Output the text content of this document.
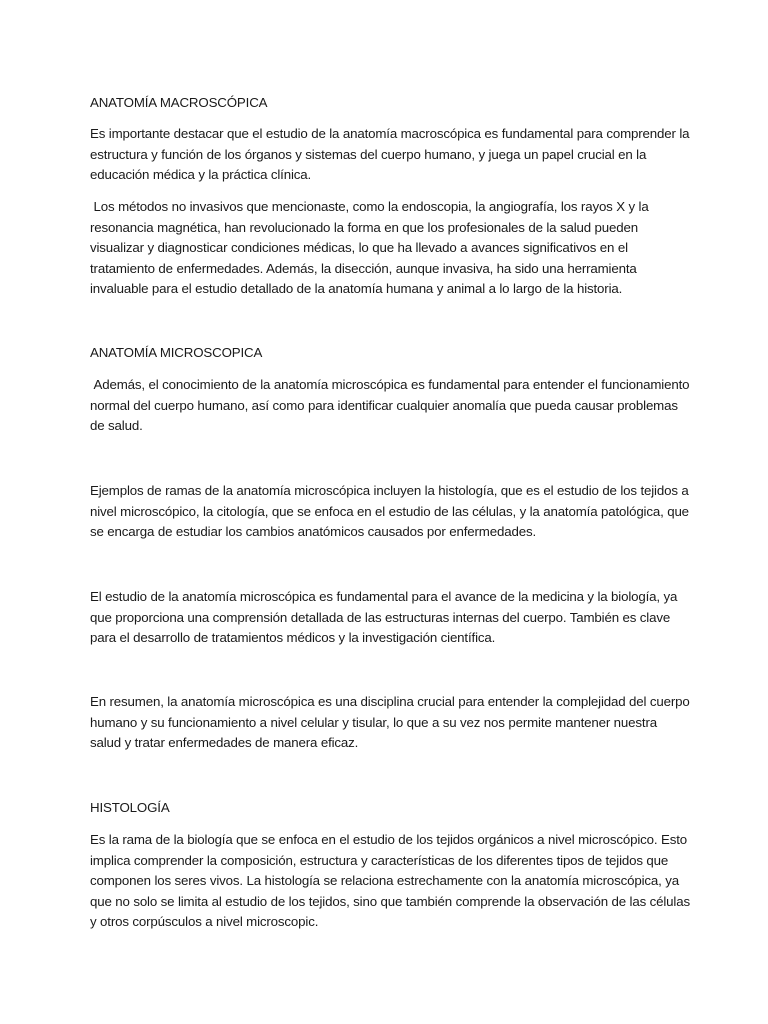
ANATOMÍA MACROSCÓPICA

Es importante destacar que el estudio de la anatomía macroscópica es fundamental para comprender la estructura y función de los órganos y sistemas del cuerpo humano, y juega un papel crucial en la educación médica y la práctica clínica.

Los métodos no invasivos que mencionaste, como la endoscopia, la angiografía, los rayos X y la resonancia magnética, han revolucionado la forma en que los profesionales de la salud pueden visualizar y diagnosticar condiciones médicas, lo que ha llevado a avances significativos en el tratamiento de enfermedades. Además, la disección, aunque invasiva, ha sido una herramienta invaluable para el estudio detallado de la anatomía humana y animal a lo largo de la historia.

ANATOMÍA MICROSCOPICA

Además, el conocimiento de la anatomía microscópica es fundamental para entender el funcionamiento normal del cuerpo humano, así como para identificar cualquier anomalía que pueda causar problemas de salud.

Ejemplos de ramas de la anatomía microscópica incluyen la histología, que es el estudio de los tejidos a nivel microscópico, la citología, que se enfoca en el estudio de las células, y la anatomía patológica, que se encarga de estudiar los cambios anatómicos causados por enfermedades.

El estudio de la anatomía microscópica es fundamental para el avance de la medicina y la biología, ya que proporciona una comprensión detallada de las estructuras internas del cuerpo. También es clave para el desarrollo de tratamientos médicos y la investigación científica.

En resumen, la anatomía microscópica es una disciplina crucial para entender la complejidad del cuerpo humano y su funcionamiento a nivel celular y tisular, lo que a su vez nos permite mantener nuestra salud y tratar enfermedades de manera eficaz.

HISTOLOGÍA

Es la rama de la biología que se enfoca en el estudio de los tejidos orgánicos a nivel microscópico. Esto implica comprender la composición, estructura y características de los diferentes tipos de tejidos que componen los seres vivos. La histología se relaciona estrechamente con la anatomía microscópica, ya que no solo se limita al estudio de los tejidos, sino que también comprende la observación de las células y otros corpúsculos a nivel microscopic.
